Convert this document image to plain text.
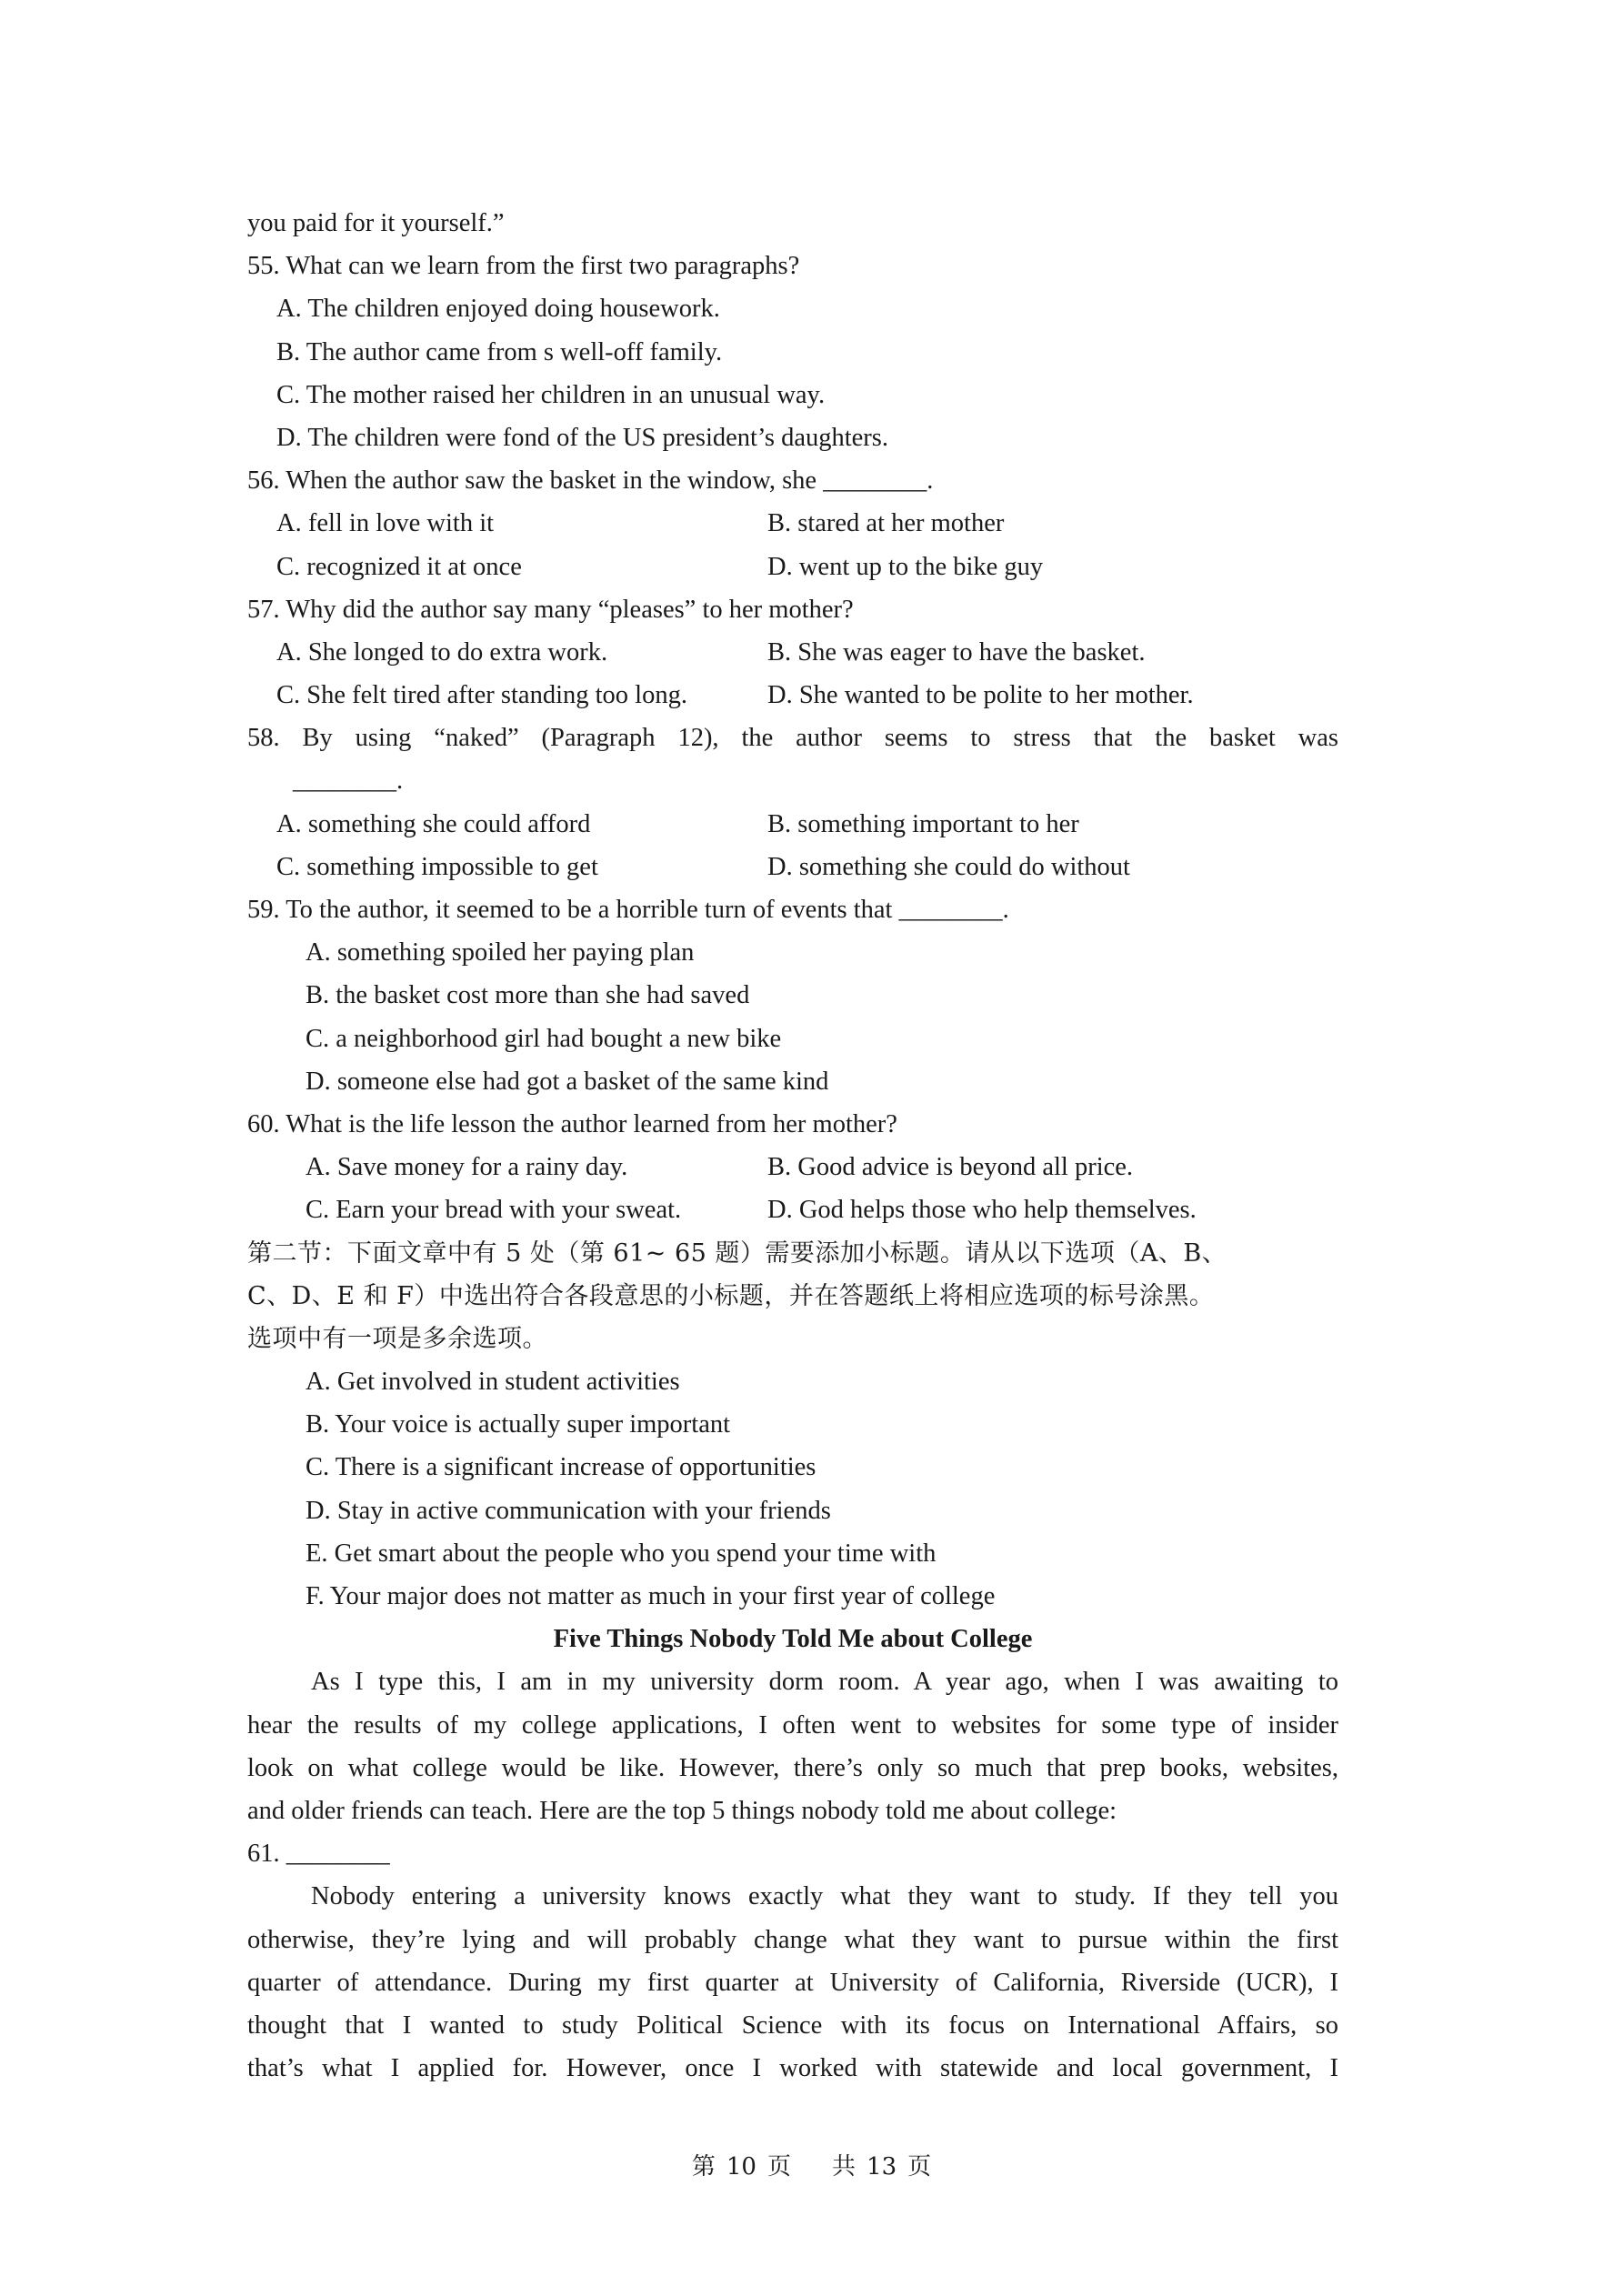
you paid for it yourself.”
55. What can we learn from the first two paragraphs?
A. The children enjoyed doing housework.
B. The author came from s well-off family.
C. The mother raised her children in an unusual way.
D. The children were fond of the US president’s daughters.
56. When the author saw the basket in the window, she ________.
A. fell in love with it	B. stared at her mother
C. recognized it at once	D. went up to the bike guy
57. Why did the author say many “pleases” to her mother?
A. She longed to do extra work.	B. She was eager to have the basket.
C. She felt tired after standing too long.	D. She wanted to be polite to her mother.
58. By using “naked” (Paragraph 12), the author seems to stress that the basket was
________.
A. something she could afford	B. something important to her
C. something impossible to get	D. something she could do without
59. To the author, it seemed to be a horrible turn of events that ________.
A. something spoiled her paying plan
B. the basket cost more than she had saved
C. a neighborhood girl had bought a new bike
D. someone else had got a basket of the same kind
60. What is the life lesson the author learned from her mother?
A. Save money for a rainy day.	B. Good advice is beyond all price.
C. Earn your bread with your sweat.	D. God helps those who help themselves.
第二节：下面文章中有 5 处（第 61~ 65 题）需要添加小标题。请从以下选项（A、B、
C、D、E 和 F）中选出符合各段意思的小标题，并在答题纸上将相应选项的标号涂黑。
选项中有一项是多余选项。
A. Get involved in student activities
B. Your voice is actually super important
C. There is a significant increase of opportunities
D. Stay in active communication with your friends
E. Get smart about the people who you spend your time with
F. Your major does not matter as much in your first year of college
Five Things Nobody Told Me about College
As I type this, I am in my university dorm room. A year ago, when I was awaiting to
hear the results of my college applications, I often went to websites for some type of insider
look on what college would be like. However, there’s only so much that prep books, websites,
and older friends can teach. Here are the top 5 things nobody told me about college:
61. ________
Nobody entering a university knows exactly what they want to study. If they tell you
otherwise, they’re lying and will probably change what they want to pursue within the first
quarter of attendance. During my first quarter at University of California, Riverside (UCR), I
thought that I wanted to study Political Science with its focus on International Affairs, so
that’s what I applied for. However, once I worked with statewide and local government, I
第 10 页 共 13 页
